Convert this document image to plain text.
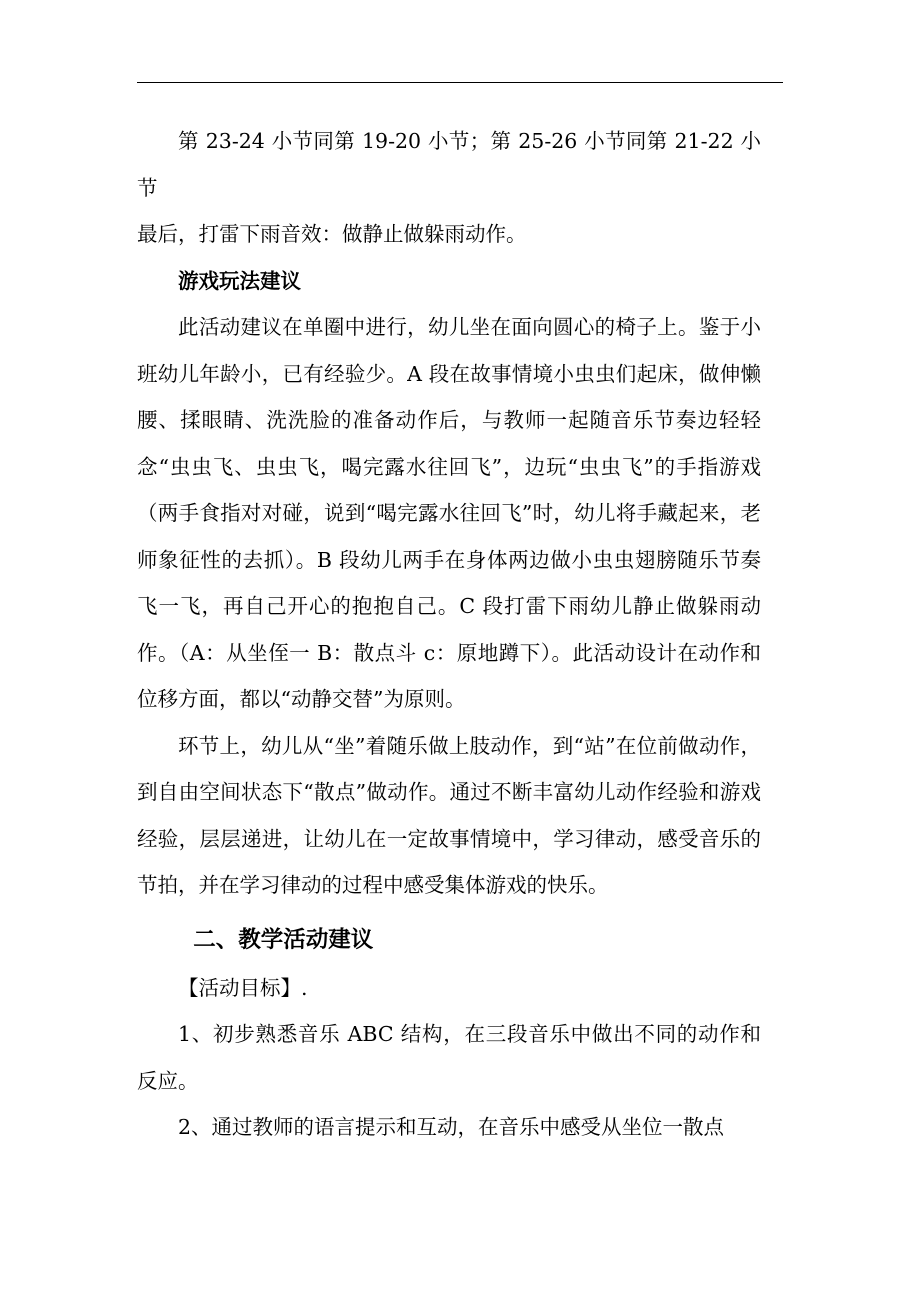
第 23-24 小节同第 19-20 小节；第 25-26 小节同第 21-22 小节

最后，打雷下雨音效：做静止做躲雨动作。

游戏玩法建议

此活动建议在单圈中进行，幼儿坐在面向圆心的椅子上。鉴于小班幼儿年龄小，已有经验少。A 段在故事情境小虫虫们起床，做伸懒腰、揉眼睛、洗洗脸的准备动作后，与教师一起随音乐节奏边轻轻念“虫虫飞、虫虫飞，喝完露水往回飞”，边玩“虫虫飞”的手指游戏（两手食指对对碰，说到“喝完露水往回飞”时，幼儿将手藏起来，老师象征性的去抓）。B 段幼儿两手在身体两边做小虫虫翅膀随乐节奏飞一飞，再自己开心的抱抱自己。C 段打雷下雨幼儿静止做躲雨动作。（A：从坐侄一 B：散点斗 c：原地蹲下）。此活动设计在动作和位移方面，都以“动静交替”为原则。

环节上，幼儿从“坐”着随乐做上肢动作，到“站”在位前做动作，到自由空间状态下“散点”做动作。通过不断丰富幼儿动作经验和游戏经验，层层递进，让幼儿在一定故事情境中，学习律动，感受音乐的节拍，并在学习律动的过程中感受集体游戏的快乐。

二、教学活动建议

【活动目标】.

1、初步熟悉音乐 ABC 结构，在三段音乐中做出不同的动作和反应。

2、通过教师的语言提示和互动，在音乐中感受从坐位一散点
